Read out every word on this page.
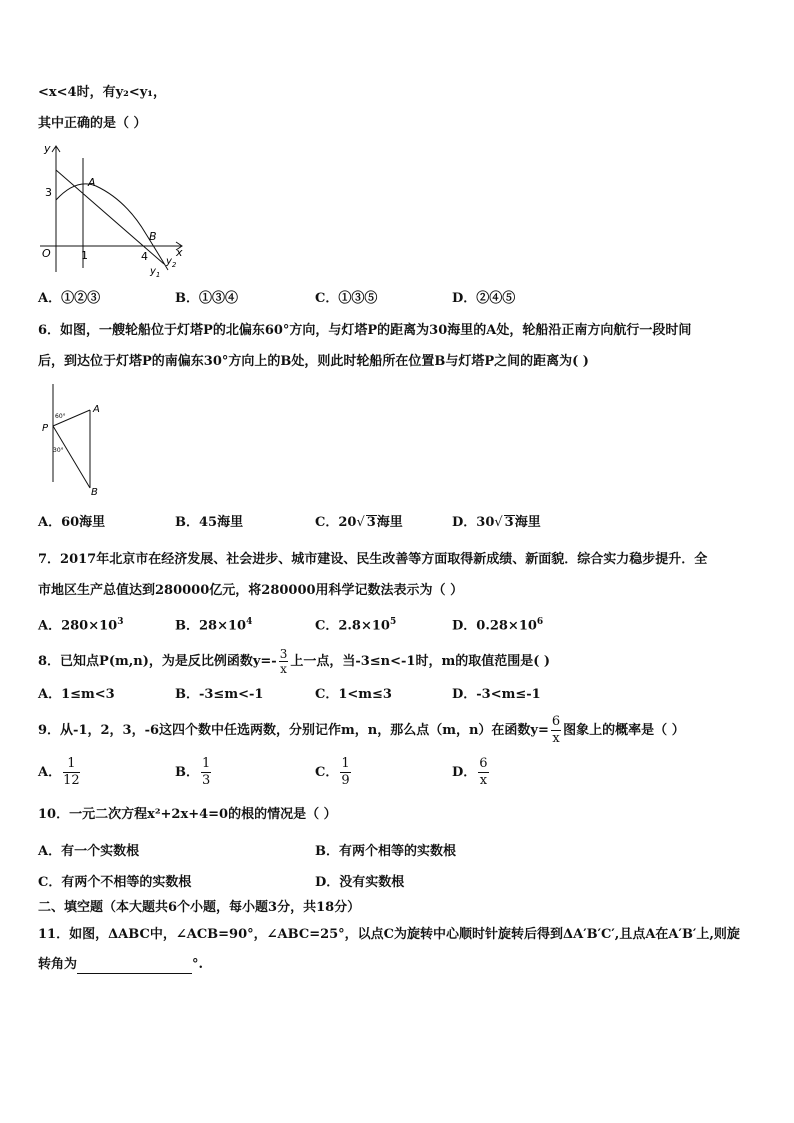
<x<4时，有y₂<y₁，
其中正确的是（ ）
y
x
O
3
1	4
A
B
$y_1$
$y_2$
A．①②③	B．①③④	C．①③⑤	D．②④⑤
6．如图，一艘轮船位于灯塔P的北偏东60°方向，与灯塔P的距离为30海里的A处，轮船沿正南方向航行一段时间
后，到达位于灯塔P的南偏东30°方向上的B处，则此时轮船所在位置B与灯塔P之间的距离为( )
P
A
B
60°
30°
A．60海里	B．45海里	C．20√ 3海里	D．30√ 3海里
7．2017年北京市在经济发展、社会进步、城市建设、民生改善等方面取得新成绩、新面貌．综合实力稳步提升．全
市地区生产总值达到280000亿元，将280000用科学记数法表示为（ ）
A．$280\times 10^3$	B．$28\times 10^4$	C．$2.8\times 10^5$	D．$0.28\times 10^6$
8．已知点P(m,n)，为是反比例函数$y=- \frac{3}{x}$ 上一点，当-3≤n<-1时，m的取值范围是( )
A．1≤m<3	B．-3≤m<-1	C．1<m≤3	D．-3<m≤-1
9．从-1，2，3，-6这四个数中任选两数，分别记作m，n，那么点（m，n）在函数$y= \frac{6}{x}$ 图象上的概率是（ ）
A． $\frac{1}{12}$	B． $\frac{1}{3}$	C． $\frac{1}{9}$	D． $\frac{6}{x}$
10．一元二次方程x²+2x+4=0的根的情况是（ ）
A．有一个实数根	B．有两个相等的实数根
C．有两个不相等的实数根	D．没有实数根
二、填空题（本大题共6个小题，每小题3分，共18分）
11．如图，ΔABC中，∠ACB=90°，∠ABC=25°，以点C为旋转中心顺时针旋转后得到ΔA′B′C′,且点A在A′B′上,则旋
转角为	°.
